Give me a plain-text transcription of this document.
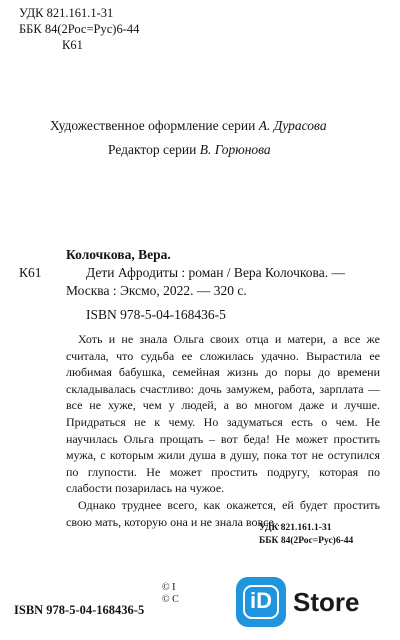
УДК 821.161.1-31
ББК 84(2Рос=Рус)6-44
К61
Художественное оформление серии А. Дурасова
Редактор серии В. Горюнова
К61
Колочкова, Вера.
Дети Афродиты : роман / Вера Колочкова. —
Москва : Эксмо, 2022. — 320 с.
ISBN 978-5-04-168436-5

Хоть и не знала Ольга своих отца и матери, а все же считала, что судьба ее сложилась удачно. Вырастила ее любимая бабушка, семейная жизнь до поры до времени складывалась счастливо: дочь замужем, работа, зарплата — все не хуже, чем у людей, а во многом даже и лучше. Придраться не к чему. Но задуматься есть о чем. Не научилась Ольга прощать – вот беда! Не может простить мужа, с которым жили душа в душу, пока тот не оступился по глупости. Не может простить подругу, которая по слабости позарилась на чужое.

Однако труднее всего, как окажется, ей будет простить свою мать, которую она и не знала вовсе...

УДК 821.161.1-31
ББК 84(2Рос=Рус)6-44
© I
© C
ISBN 978-5-04-168436-5	iD Store
